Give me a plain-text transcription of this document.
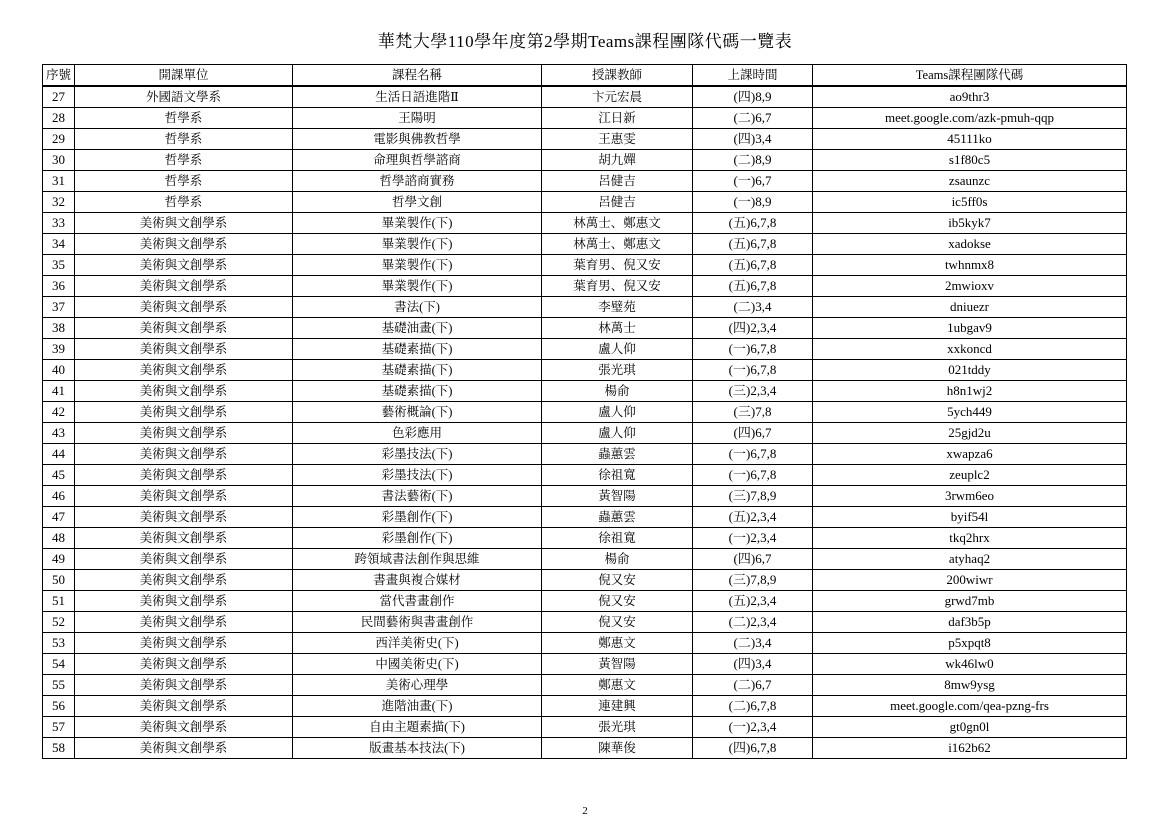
華梵大學110學年度第2學期Teams課程團隊代碼一覽表
序號	開課單位	課程名稱	授課教師	上課時間	Teams課程團隊代碼
27	外國語文學系	生活日語進階Ⅱ	卞元宏晨	(四)8,9	ao9thr3
28	哲學系	王陽明	江日新	(二)6,7	meet.google.com/azk-pmuh-qqp
29	哲學系	電影與佛教哲學	王惠雯	(四)3,4	45111ko
30	哲學系	命理與哲學諮商	胡九嬋	(二)8,9	s1f80c5
31	哲學系	哲學諮商實務	呂健吉	(一)6,7	zsaunzc
32	哲學系	哲學文創	呂健吉	(一)8,9	ic5ff0s
33	美術與文創學系	畢業製作(下)	林萬士、鄭惠文	(五)6,7,8	ib5kyk7
34	美術與文創學系	畢業製作(下)	林萬士、鄭惠文	(五)6,7,8	xadokse
35	美術與文創學系	畢業製作(下)	葉育男、倪又安	(五)6,7,8	twhnmx8
36	美術與文創學系	畢業製作(下)	葉育男、倪又安	(五)6,7,8	2mwioxv
37	美術與文創學系	書法(下)	李璧苑	(二)3,4	dniuezr
38	美術與文創學系	基礎油畫(下)	林萬士	(四)2,3,4	1ubgav9
39	美術與文創學系	基礎素描(下)	盧人仰	(一)6,7,8	xxkoncd
40	美術與文創學系	基礎素描(下)	張光琪	(一)6,7,8	021tddy
41	美術與文創學系	基礎素描(下)	楊俞	(三)2,3,4	h8n1wj2
42	美術與文創學系	藝術概論(下)	盧人仰	(三)7,8	5ych449
43	美術與文創學系	色彩應用	盧人仰	(四)6,7	25gjd2u
44	美術與文創學系	彩墨技法(下)	蟲蕙雲	(一)6,7,8	xwapza6
45	美術與文創學系	彩墨技法(下)	徐祖寬	(一)6,7,8	zeuplc2
46	美術與文創學系	書法藝術(下)	黃智陽	(三)7,8,9	3rwm6eo
47	美術與文創學系	彩墨創作(下)	蟲蕙雲	(五)2,3,4	byif54l
48	美術與文創學系	彩墨創作(下)	徐祖寬	(一)2,3,4	tkq2hrx
49	美術與文創學系	跨領域書法創作與思維	楊俞	(四)6,7	atyhaq2
50	美術與文創學系	書畫與複合媒材	倪又安	(三)7,8,9	200wiwr
51	美術與文創學系	當代書畫創作	倪又安	(五)2,3,4	grwd7mb
52	美術與文創學系	民間藝術與書畫創作	倪又安	(二)2,3,4	daf3b5p
53	美術與文創學系	西洋美術史(下)	鄭惠文	(二)3,4	p5xpqt8
54	美術與文創學系	中國美術史(下)	黃智陽	(四)3,4	wk46lw0
55	美術與文創學系	美術心理學	鄭惠文	(二)6,7	8mw9ysg
56	美術與文創學系	進階油畫(下)	連建興	(二)6,7,8	meet.google.com/qea-pzng-frs
57	美術與文創學系	自由主題素描(下)	張光琪	(一)2,3,4	gt0gn0l
58	美術與文創學系	版畫基本技法(下)	陳華俊	(四)6,7,8	i162b62
2
